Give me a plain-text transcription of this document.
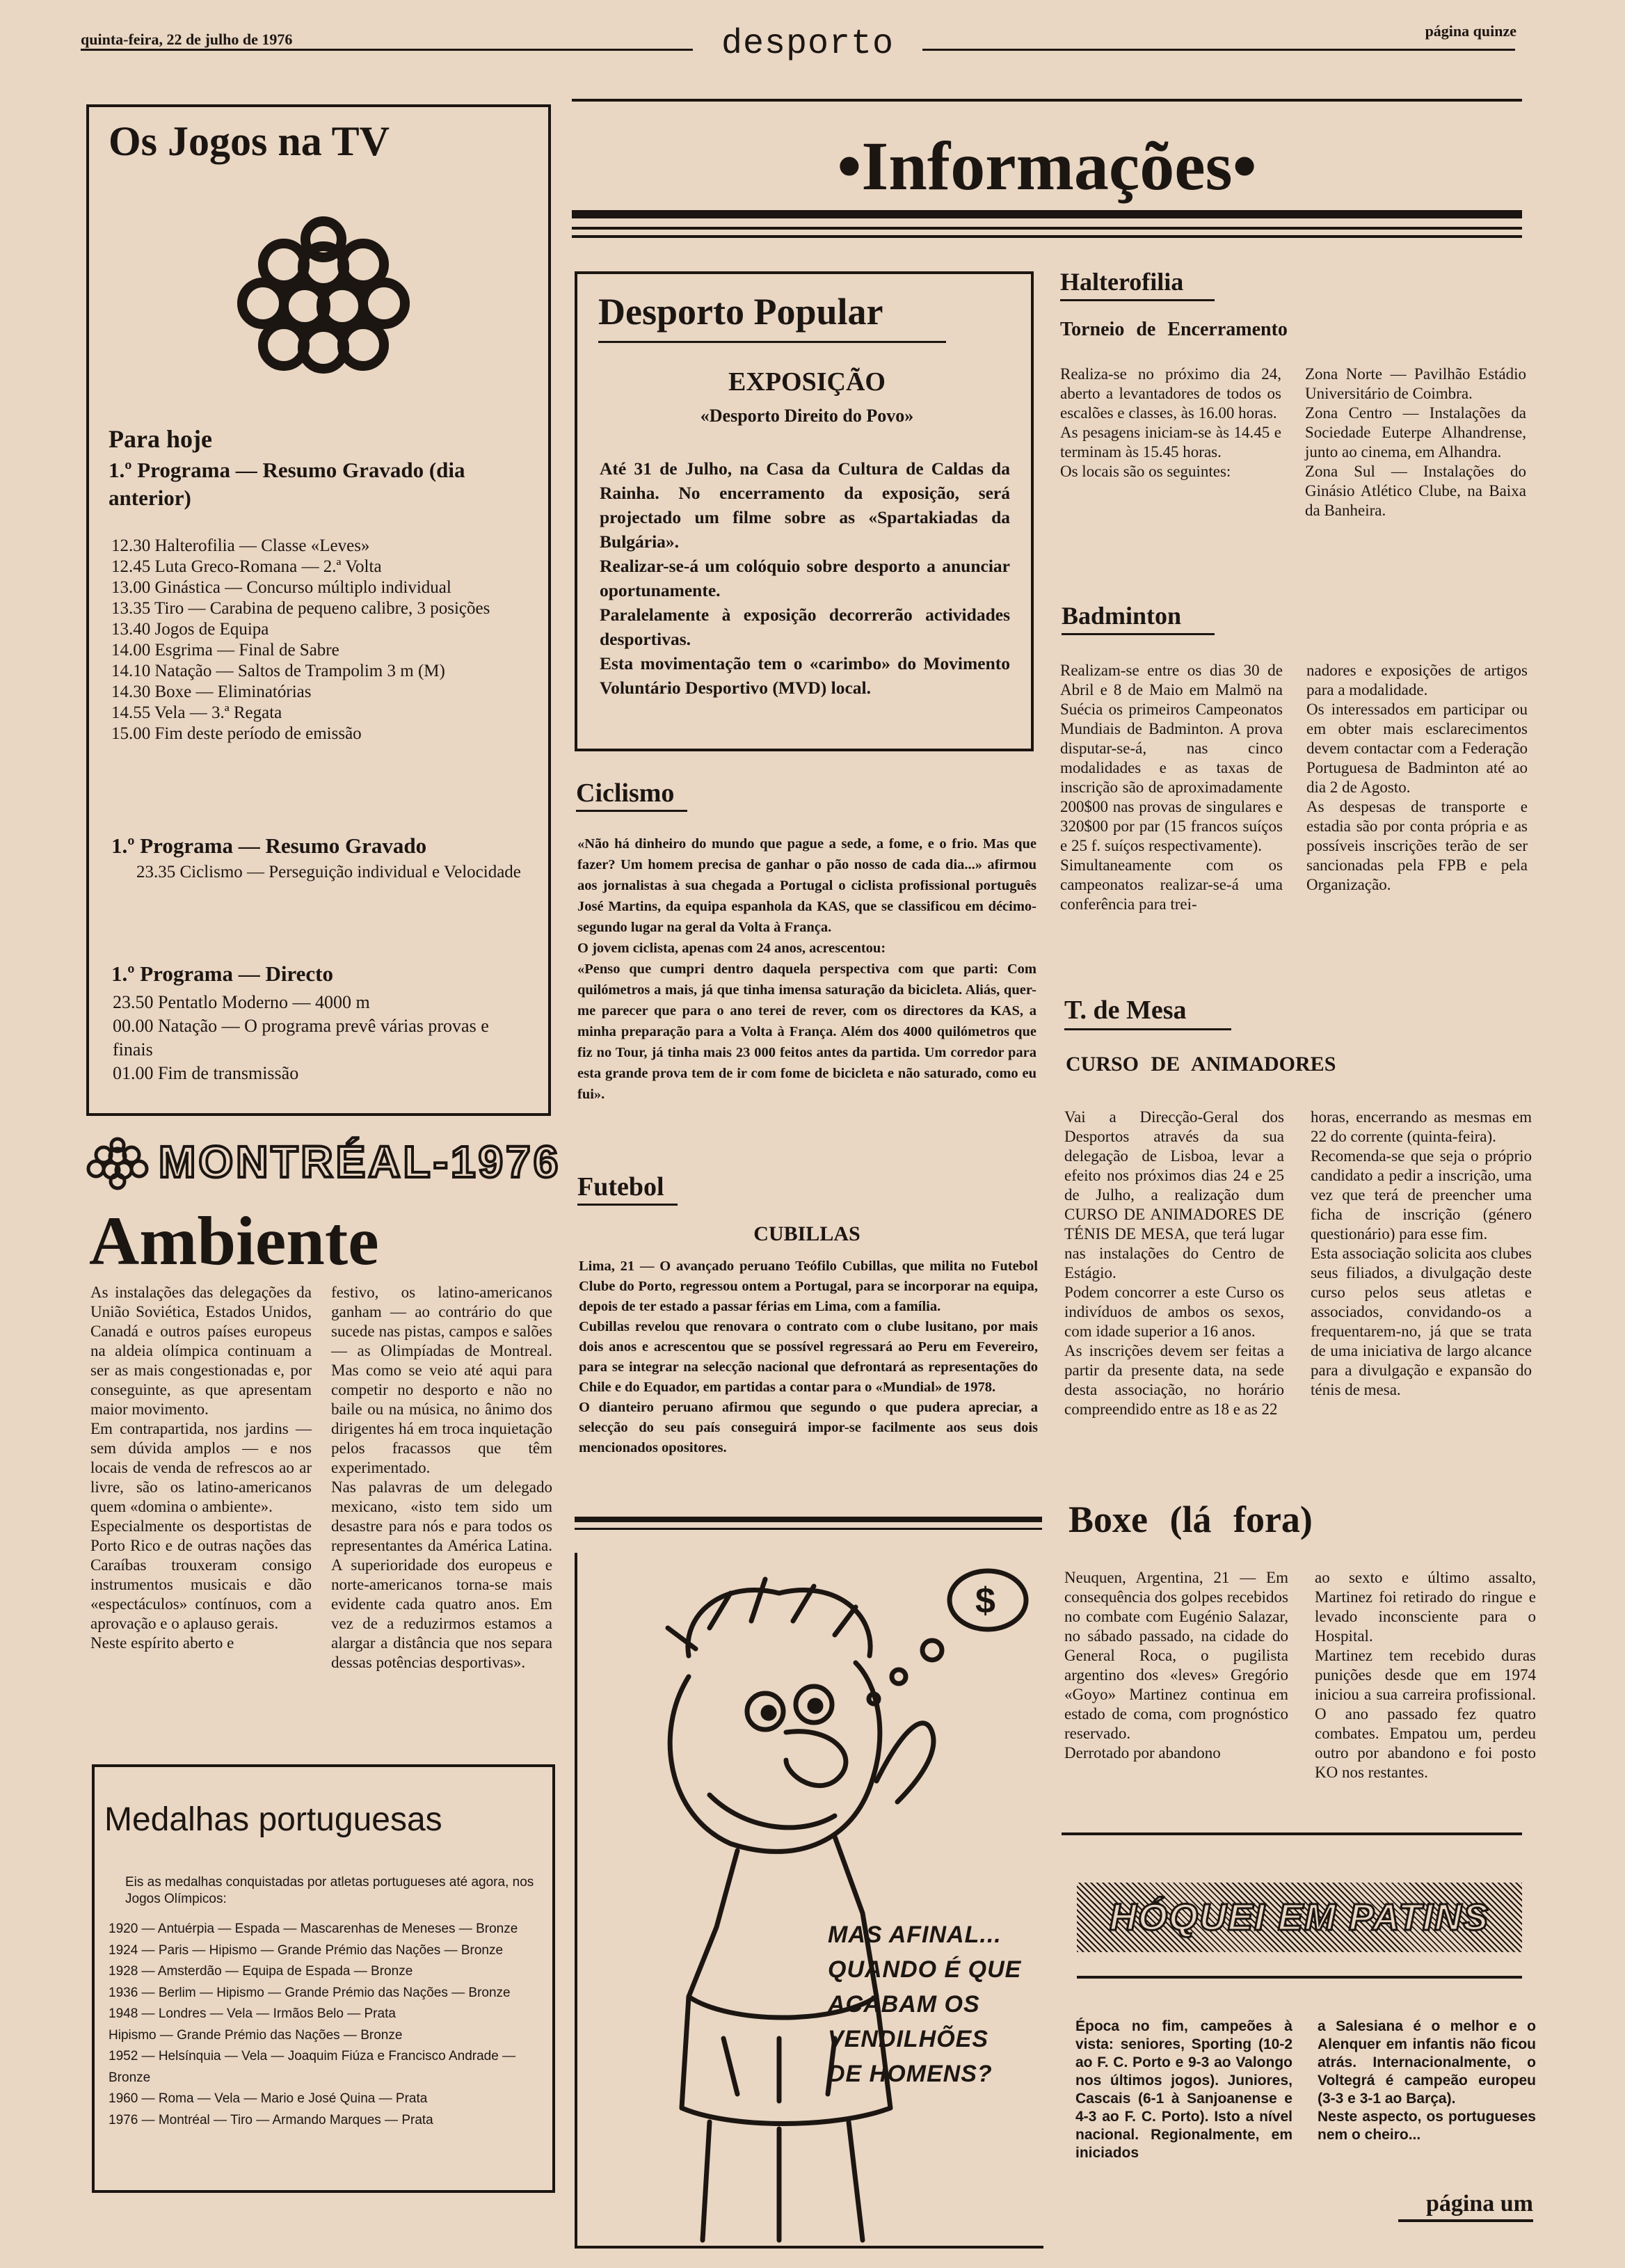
quinta-feira, 22 de julho de 1976	desporto	página quinze
Os Jogos na TV
Para hoje
1.º Programa — Resumo Gravado (dia anterior)
12.30 Halterofilia — Classe «Leves»
12.45 Luta Greco-Romana — 2.ª Volta
13.00 Ginástica — Concurso múltiplo individual
13.35 Tiro — Carabina de pequeno calibre, 3 posições
13.40 Jogos de Equipa
14.00 Esgrima — Final de Sabre
14.10 Natação — Saltos de Trampolim 3 m (M)
14.30 Boxe — Eliminatórias
14.55 Vela — 3.ª Regata
15.00 Fim deste período de emissão
1.º Programa — Resumo Gravado
23.35 Ciclismo — Perseguição individual e Velocidade
1.º Programa — Directo
23.50 Pentatlo Moderno — 4000 m
00.00 Natação — O programa prevê várias provas e finais
01.00 Fim de transmissão
MONTRÉAL-1976
Ambiente
As instalações das delegações da União Soviética, Estados Unidos, Canadá e outros países europeus na aldeia olímpica continuam a ser as mais congestionadas e, por conseguinte, as que apresentam maior movimento.
Em contrapartida, nos jardins — sem dúvida amplos — e nos locais de venda de refrescos ao ar livre, são os latino-americanos quem «domina o ambiente».
Especialmente os desportistas de Porto Rico e de outras nações das Caraíbas trouxeram consigo instrumentos musicais e dão «espectáculos» contínuos, com a aprovação e o aplauso gerais.
Neste espírito aberto e
festivo, os latino-americanos ganham — ao contrário do que sucede nas pistas, campos e salões — as Olimpíadas de Montreal. Mas como se veio até aqui para competir no desporto e não no baile ou na música, no ânimo dos dirigentes há em troca inquietação pelos fracassos que têm experimentado.
Nas palavras de um delegado mexicano, «isto tem sido um desastre para nós e para todos os representantes da América Latina. A superioridade dos europeus e norte-americanos torna-se mais evidente cada quatro anos. Em vez de a reduzirmos estamos a alargar a distância que nos separa dessas potências desportivas».
Medalhas portuguesas
Eis as medalhas conquistadas por atletas portugueses até agora, nos Jogos Olímpicos:
1920 — Antuérpia — Espada — Mascarenhas de Meneses — Bronze
1924 — Paris — Hipismo — Grande Prémio das Nações — Bronze
1928 — Amsterdão — Equipa de Espada — Bronze
1936 — Berlim — Hipismo — Grande Prémio das Nações — Bronze
1948 — Londres — Vela — Irmãos Belo — Prata
Hipismo — Grande Prémio das Nações — Bronze
1952 — Helsínquia — Vela — Joaquim Fiúza e Francisco Andrade — Bronze
1960 — Roma — Vela — Mario e José Quina — Prata
1976 — Montréal — Tiro — Armando Marques — Prata
•Informações•
Desporto Popular
EXPOSIÇÃO
«Desporto Direito do Povo»
Até 31 de Julho, na Casa da Cultura de Caldas da Rainha. No encerramento da exposição, será projectado um filme sobre as «Spartakiadas da Bulgária».
Realizar-se-á um colóquio sobre desporto a anunciar oportunamente.
Paralelamente à exposição decorrerão actividades desportivas.
Esta movimentação tem o «carimbo» do Movimento Voluntário Desportivo (MVD) local.
Ciclismo
«Não há dinheiro do mundo que pague a sede, a fome, e o frio. Mas que fazer? Um homem precisa de ganhar o pão nosso de cada dia...» afirmou aos jornalistas à sua chegada a Portugal o ciclista profissional português José Martins, da equipa espanhola da KAS, que se classificou em décimo-segundo lugar na geral da Volta à França.
O jovem ciclista, apenas com 24 anos, acrescentou:
«Penso que cumpri dentro daquela perspectiva com que parti: Com quilómetros a mais, já que tinha imensa saturação da bicicleta. Aliás, quer-me parecer que para o ano terei de rever, com os directores da KAS, a minha preparação para a Volta à França. Além dos 4000 quilómetros que fiz no Tour, já tinha mais 23 000 feitos antes da partida. Um corredor para esta grande prova tem de ir com fome de bicicleta e não saturado, como eu fui».
Futebol
CUBILLAS
Lima, 21 — O avançado peruano Teófilo Cubillas, que milita no Futebol Clube do Porto, regressou ontem a Portugal, para se incorporar na equipa, depois de ter estado a passar férias em Lima, com a família.
Cubillas revelou que renovara o contrato com o clube lusitano, por mais dois anos e acrescentou que se possível regressará ao Peru em Fevereiro, para se integrar na selecção nacional que defrontará as representações do Chile e do Equador, em partidas a contar para o «Mundial» de 1978.
O dianteiro peruano afirmou que segundo o que pudera apreciar, a selecção do seu país conseguirá impor-se facilmente aos seus dois mencionados opositores.
$
MAS AFINAL...
QUANDO É QUE
ACABAM OS
VENDILHÕES
DE HOMENS?
Halterofilia
Torneio de Encerramento
Realiza-se no próximo dia 24, aberto a levantadores de todos os escalões e classes, às 16.00 horas.
As pesagens iniciam-se às 14.45 e terminam às 15.45 horas.
Os locais são os seguintes:
Zona Norte — Pavilhão Estádio Universitário de Coimbra.
Zona Centro — Instalações da Sociedade Euterpe Alhandrense, junto ao cinema, em Alhandra.
Zona Sul — Instalações do Ginásio Atlético Clube, na Baixa da Banheira.
Badminton
Realizam-se entre os dias 30 de Abril e 8 de Maio em Malmö na Suécia os primeiros Campeonatos Mundiais de Badminton. A prova disputar-se-á, nas cinco modalidades e as taxas de inscrição são de aproximadamente 200$00 nas provas de singulares e 320$00 por par (15 francos suíços e 25 f. suíços respectivamente).
Simultaneamente com os campeonatos realizar-se-á uma conferência para trei-
nadores e exposições de artigos para a modalidade.
Os interessados em participar ou em obter mais esclarecimentos devem contactar com a Federação Portuguesa de Badminton até ao dia 2 de Agosto.
As despesas de transporte e estadia são por conta própria e as possíveis inscrições terão de ser sancionadas pela FPB e pela Organização.
T. de Mesa
CURSO DE ANIMADORES
Vai a Direcção-Geral dos Desportos através da sua delegação de Lisboa, levar a efeito nos próximos dias 24 e 25 de Julho, a realização dum CURSO DE ANIMADORES DE TÉNIS DE MESA, que terá lugar nas instalações do Centro de Estágio.
Podem concorrer a este Curso os indivíduos de ambos os sexos, com idade superior a 16 anos.
As inscrições devem ser feitas a partir da presente data, na sede desta associação, no horário compreendido entre as 18 e as 22
horas, encerrando as mesmas em 22 do corrente (quinta-feira).
Recomenda-se que seja o próprio candidato a pedir a inscrição, uma vez que terá de preencher uma ficha de inscrição (género questionário) para esse fim.
Esta associação solicita aos clubes seus filiados, a divulgação deste curso pelos seus atletas e associados, convidando-os a frequentarem-no, já que se trata de uma iniciativa de largo alcance para a divulgação e expansão do ténis de mesa.
Boxe (lá fora)
Neuquen, Argentina, 21 — Em consequência dos golpes recebidos no combate com Eugénio Salazar, no sábado passado, na cidade do General Roca, o pugilista argentino dos «leves» Gregório «Goyo» Martinez continua em estado de coma, com prognóstico reservado.
Derrotado por abandono
ao sexto e último assalto, Martinez foi retirado do ringue e levado inconsciente para o Hospital.
Martinez tem recebido duras punições desde que em 1974 iniciou a sua carreira profissional. O ano passado fez quatro combates. Empatou um, perdeu outro por abandono e foi posto KO nos restantes.
HÓQUEI EM PATINS
Época no fim, campeões à vista: seniores, Sporting (10-2 ao F. C. Porto e 9-3 ao Valongo nos últimos jogos). Juniores, Cascais (6-1 à Sanjoanense e 4-3 ao F. C. Porto). Isto a nível nacional. Regionalmente, em iniciados
a Salesiana é o melhor e o Alenquer em infantis não ficou atrás. Internacionalmente, o Voltegrá é campeão europeu (3-3 e 3-1 ao Barça).
Neste aspecto, os portugueses nem o cheiro...
página um
